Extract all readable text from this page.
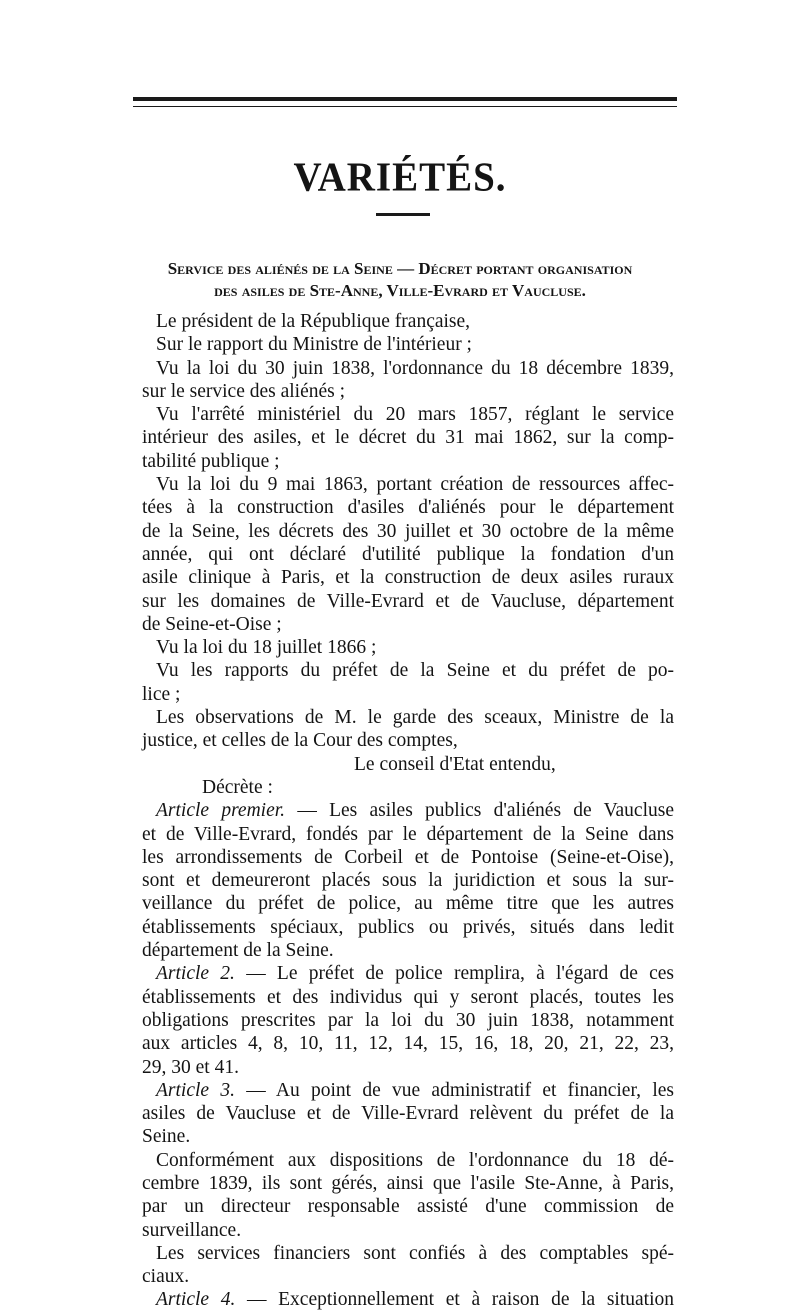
VARIÉTÉS.

Service des aliénés de la Seine — Décret portant organisation

des asiles de Ste-Anne, Ville-Evrard et Vaucluse.

Le président de la République française,
Sur le rapport du Ministre de l'intérieur ;
Vu la loi du 30 juin 1838, l'ordonnance du 18 décembre 1839,
sur le service des aliénés ;
Vu l'arrêté ministériel du 20 mars 1857, réglant le service
intérieur des asiles, et le décret du 31 mai 1862, sur la comp-
tabilité publique ;
Vu la loi du 9 mai 1863, portant création de ressources affec-
tées à la construction d'asiles d'aliénés pour le département
de la Seine, les décrets des 30 juillet et 30 octobre de la même
année, qui ont déclaré d'utilité publique la fondation d'un
asile clinique à Paris, et la construction de deux asiles ruraux
sur les domaines de Ville-Evrard et de Vaucluse, département
de Seine-et-Oise ;
Vu la loi du 18 juillet 1866 ;
Vu les rapports du préfet de la Seine et du préfet de po-
lice ;
Les observations de M. le garde des sceaux, Ministre de la
justice, et celles de la Cour des comptes,
Le conseil d'Etat entendu,
Décrète :
Article premier. — Les asiles publics d'aliénés de Vaucluse
et de Ville-Evrard, fondés par le département de la Seine dans
les arrondissements de Corbeil et de Pontoise (Seine-et-Oise),
sont et demeureront placés sous la juridiction et sous la sur-
veillance du préfet de police, au même titre que les autres
établissements spéciaux, publics ou privés, situés dans ledit
département de la Seine.
Article 2. — Le préfet de police remplira, à l'égard de ces
établissements et des individus qui y seront placés, toutes les
obligations prescrites par la loi du 30 juin 1838, notamment
aux articles 4, 8, 10, 11, 12, 14, 15, 16, 18, 20, 21, 22, 23,
29, 30 et 41.
Article 3. — Au point de vue administratif et financier, les
asiles de Vaucluse et de Ville-Evrard relèvent du préfet de la
Seine.
Conformément aux dispositions de l'ordonnance du 18 dé-
cembre 1839, ils sont gérés, ainsi que l'asile Ste-Anne, à Paris,
par un directeur responsable assisté d'une commission de
surveillance.
Les services financiers sont confiés à des comptables spé-
ciaux.
Article 4. — Exceptionnellement et à raison de la situation
